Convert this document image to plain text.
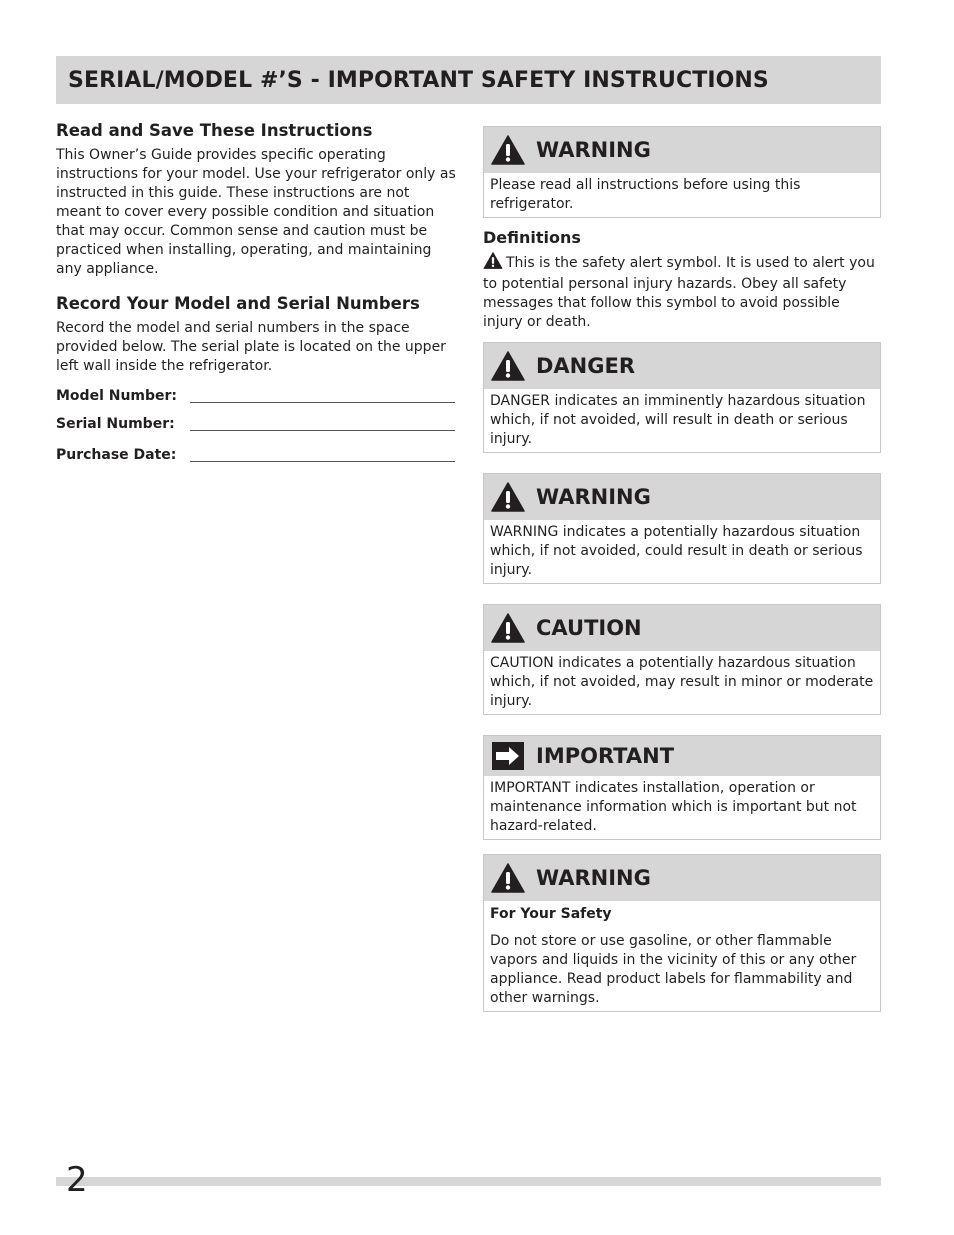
SERIAL/MODEL #’S - IMPORTANT SAFETY INSTRUCTIONS
Read and Save These Instructions

This Owner’s Guide provides specific operating instructions for your model. Use your refrigerator only as instructed in this guide. These instructions are not meant to cover every possible condition and situation that may occur. Common sense and caution must be practiced when installing, operating, and maintaining any appliance.

Record Your Model and Serial Numbers

Record the model and serial numbers in the space provided below. The serial plate is located on the upper left wall inside the refrigerator.

Model Number:
Serial Number:
Purchase Date:
WARNING
Please read all instructions before using this refrigerator.
Definitions
This is the safety alert symbol. It is used to alert you to potential personal injury hazards. Obey all safety messages that follow this symbol to avoid possible injury or death.
DANGER
DANGER indicates an imminently hazardous situation which, if not avoided, will result in death or serious injury.
WARNING
WARNING indicates a potentially hazardous situation which, if not avoided, could result in death or serious injury.
CAUTION
CAUTION indicates a potentially hazardous situation which, if not avoided, may result in minor or moderate injury.
IMPORTANT
IMPORTANT indicates installation, operation or maintenance information which is important but not hazard-related.
WARNING
For Your Safety
Do not store or use gasoline, or other flammable vapors and liquids in the vicinity of this or any other appliance. Read product labels for flammability and other warnings.
2
